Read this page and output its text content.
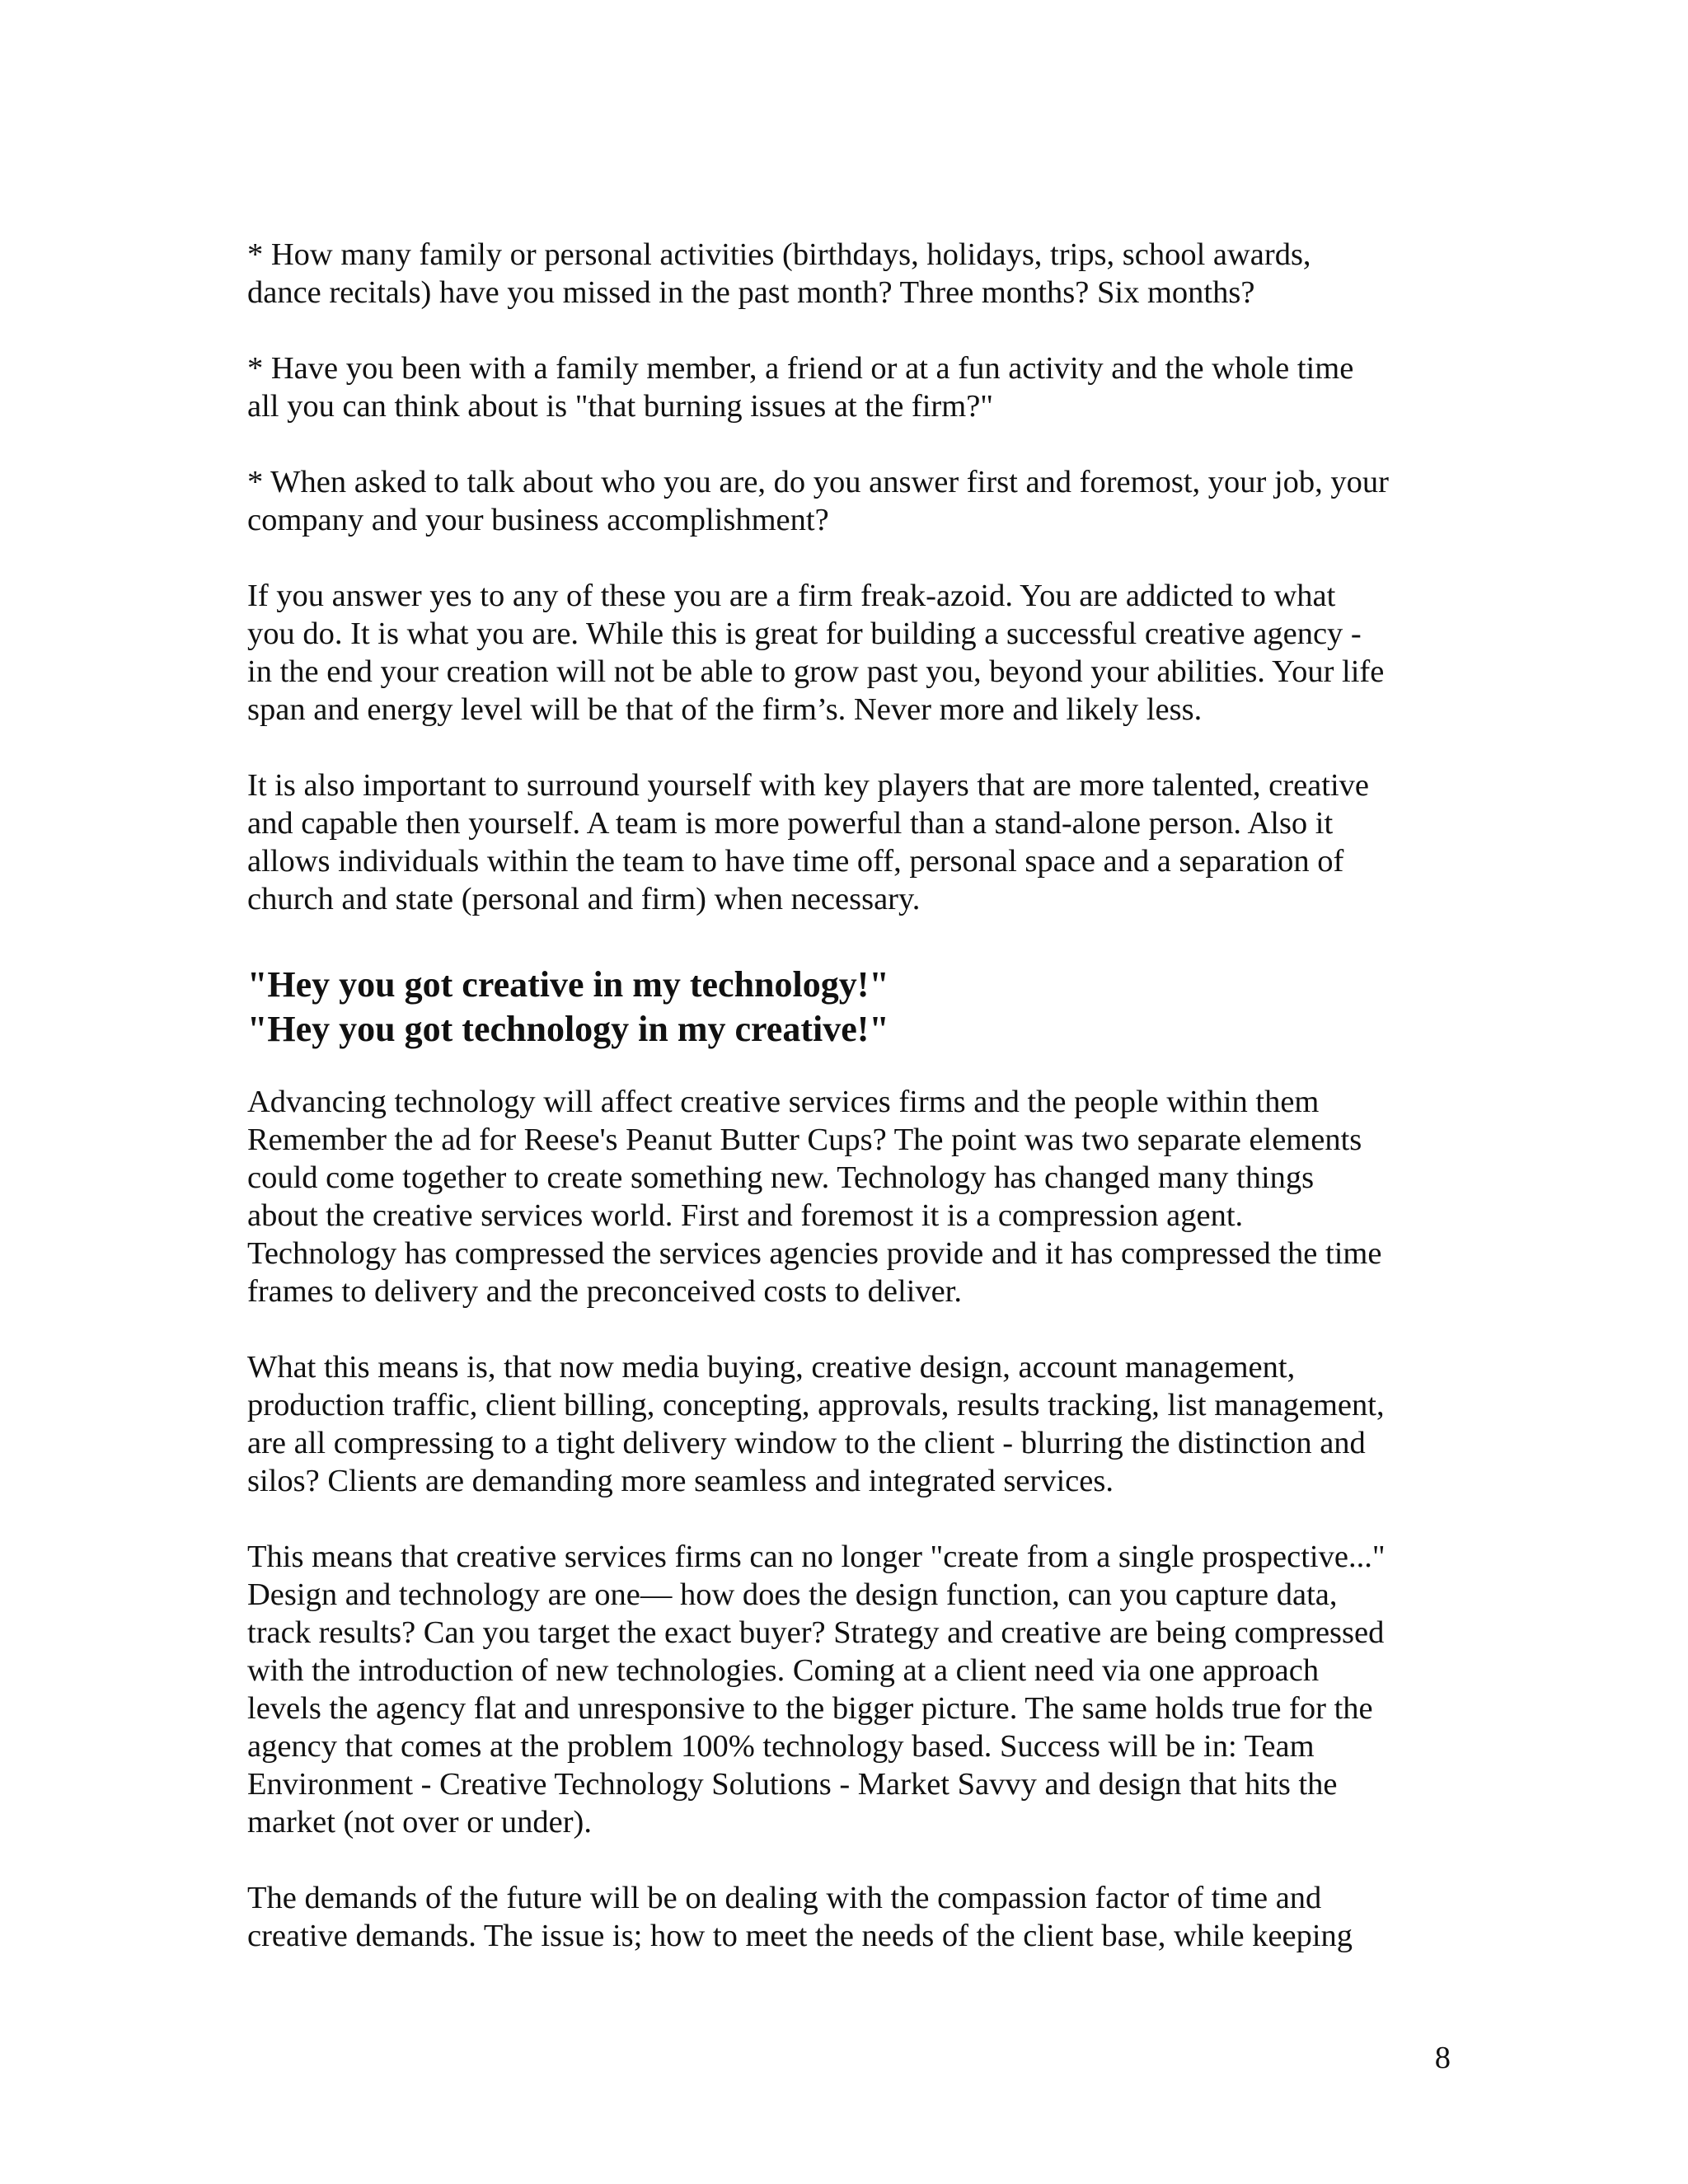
* How many family or personal activities (birthdays, holidays, trips, school awards,
dance recitals) have you missed in the past month? Three months? Six months?

* Have you been with a family member, a friend or at a fun activity and the whole time
all you can think about is "that burning issues at the firm?"

* When asked to talk about who you are, do you answer first and foremost, your job, your
company and your business accomplishment?

If you answer yes to any of these you are a firm freak-azoid. You are addicted to what
you do. It is what you are. While this is great for building a successful creative agency -
in the end your creation will not be able to grow past you, beyond your abilities. Your life
span and energy level will be that of the firm’s. Never more and likely less.

It is also important to surround yourself with key players that are more talented, creative
and capable then yourself. A team is more powerful than a stand-alone person. Also it
allows individuals within the team to have time off, personal space and a separation of
church and state (personal and firm) when necessary.

"Hey you got creative in my technology!"
"Hey you got technology in my creative!"

Advancing technology will affect creative services firms and the people within them
Remember the ad for Reese's Peanut Butter Cups? The point was two separate elements
could come together to create something new. Technology has changed many things
about the creative services world. First and foremost it is a compression agent.
Technology has compressed the services agencies provide and it has compressed the time
frames to delivery and the preconceived costs to deliver.

What this means is, that now media buying, creative design, account management,
production traffic, client billing, concepting, approvals, results tracking, list management,
are all compressing to a tight delivery window to the client - blurring the distinction and
silos? Clients are demanding more seamless and integrated services.

This means that creative services firms can no longer "create from a single prospective..."
Design and technology are one— how does the design function, can you capture data,
track results? Can you target the exact buyer? Strategy and creative are being compressed
with the introduction of new technologies. Coming at a client need via one approach
levels the agency flat and unresponsive to the bigger picture. The same holds true for the
agency that comes at the problem 100% technology based. Success will be in: Team
Environment - Creative Technology Solutions - Market Savvy and design that hits the
market (not over or under).

The demands of the future will be on dealing with the compassion factor of time and
creative demands. The issue is; how to meet the needs of the client base, while keeping

8
